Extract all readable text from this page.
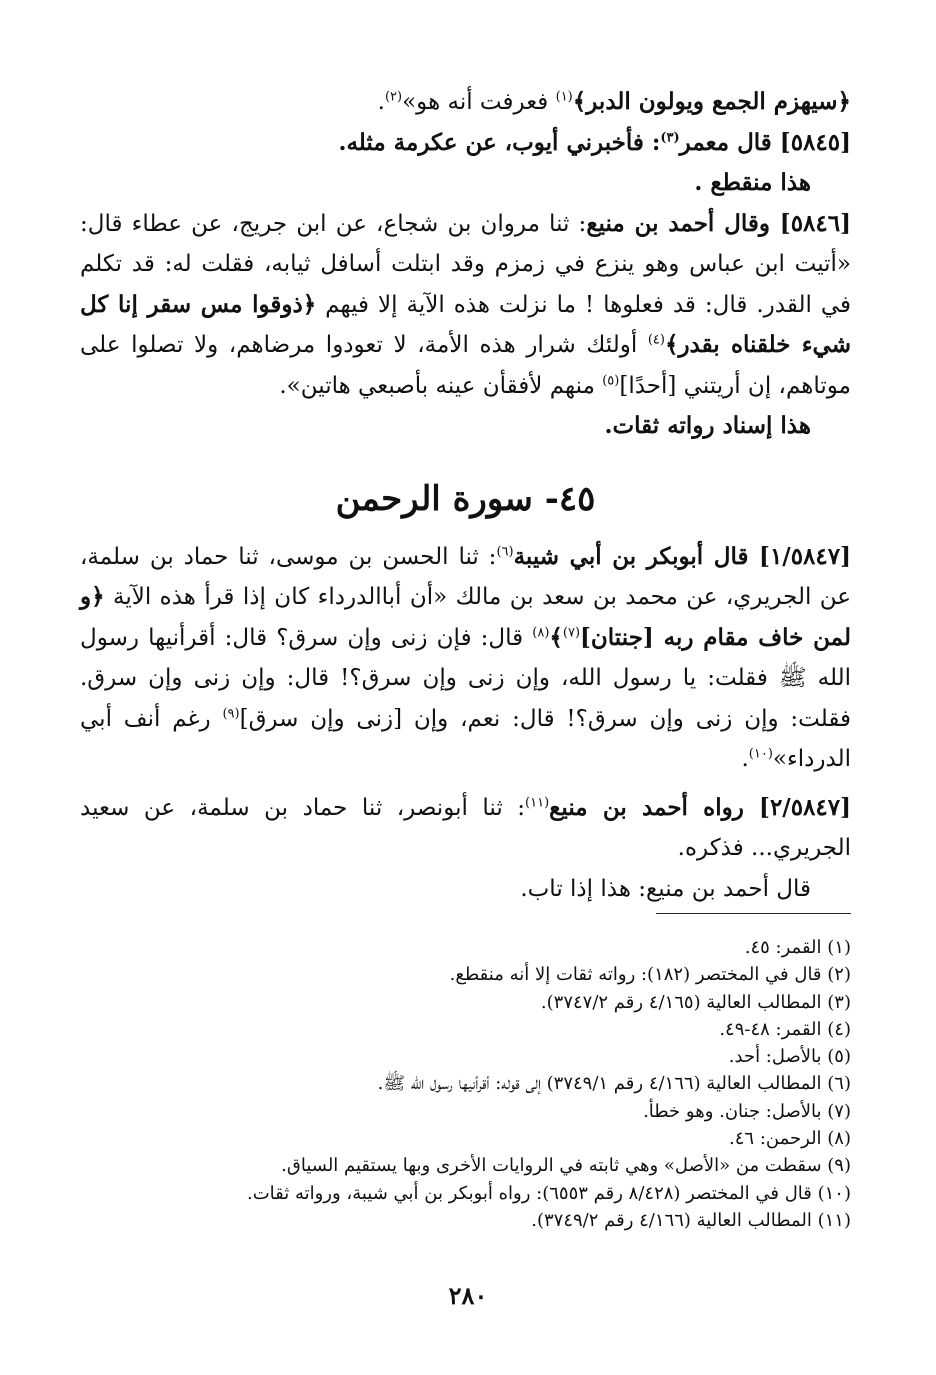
﴿سيهزم الجمع ويولون الدبر﴾$^{(١)}$ فعرفت أنه هو»$^{(٢)}$.

[٥٨٤٥] قال معمر$^{(٣)}$: فأخبرني أيوب، عن عكرمة مثله.

هذا منقطع .

[٥٨٤٦] وقال أحمد بن منيع: ثنا مروان بن شجاع، عن ابن جريج، عن عطاء قال: «أتيت ابن عباس وهو ينزع في زمزم وقد ابتلت أسافل ثيابه، فقلت له: قد تكلم في القدر. قال: قد فعلوها ! ما نزلت هذه الآية إلا فيهم ﴿ذوقوا مس سقر إنا كل شيء خلقناه بقدر﴾$^{(٤)}$ أولئك شرار هذه الأمة، لا تعودوا مرضاهم، ولا تصلوا على موتاهم، إن أريتني [أحدًا]$^{(٥)}$ منهم لأفقأن عينه بأصبعي هاتين».

هذا إسناد رواته ثقات.

٤٥- سورة الرحمن

[١/٥٨٤٧] قال أبوبكر بن أبي شيبة$^{(٦)}$: ثنا الحسن بن موسى، ثنا حماد بن سلمة، عن الجريري، عن محمد بن سعد بن مالك «أن أباالدرداء كان إذا قرأ هذه الآية ﴿و لمن خاف مقام ربه [جنتان]$^{(٧)}$﴾$^{(٨)}$ قال: فإن زنى وإن سرق؟ قال: أقرأنيها رسول الله ﷺ فقلت: يا رسول الله، وإن زنى وإن سرق؟! قال: وإن زنى وإن سرق. فقلت: وإن زنى وإن سرق؟! قال: نعم، وإن [زنى وإن سرق]$^{(٩)}$ رغم أنف أبي الدرداء»$^{(١٠)}$.

[٢/٥٨٤٧] رواه أحمد بن منيع$^{(١١)}$: ثنا أبونصر، ثنا حماد بن سلمة، عن سعيد الجريري... فذكره.

قال أحمد بن منيع: هذا إذا تاب.

(١) القمر: ٤٥.
(٢) قال في المختصر (١٨٢): رواته ثقات إلا أنه منقطع.
(٣) المطالب العالية (٤/١٦٥ رقم ٣٧٤٧/٢).
(٤) القمر: ٤٨-٤٩.
(٥) بالأصل: أحد.
(٦) المطالب العالية (٤/١٦٦ رقم ٣٧٤٩/١) إلى قوله: أقرأنيها رسول الله ﷺ.
(٧) بالأصل: جنان. وهو خطأ.
(٨) الرحمن: ٤٦.
(٩) سقطت من «الأصل» وهي ثابته في الروايات الأخرى وبها يستقيم السياق.
(١٠) قال في المختصر (٨/٤٢٨ رقم ٦٥٥٣): رواه أبوبكر بن أبي شيبة، ورواته ثقات.
(١١) المطالب العالية (٤/١٦٦ رقم ٣٧٤٩/٢).
٢٨٠
